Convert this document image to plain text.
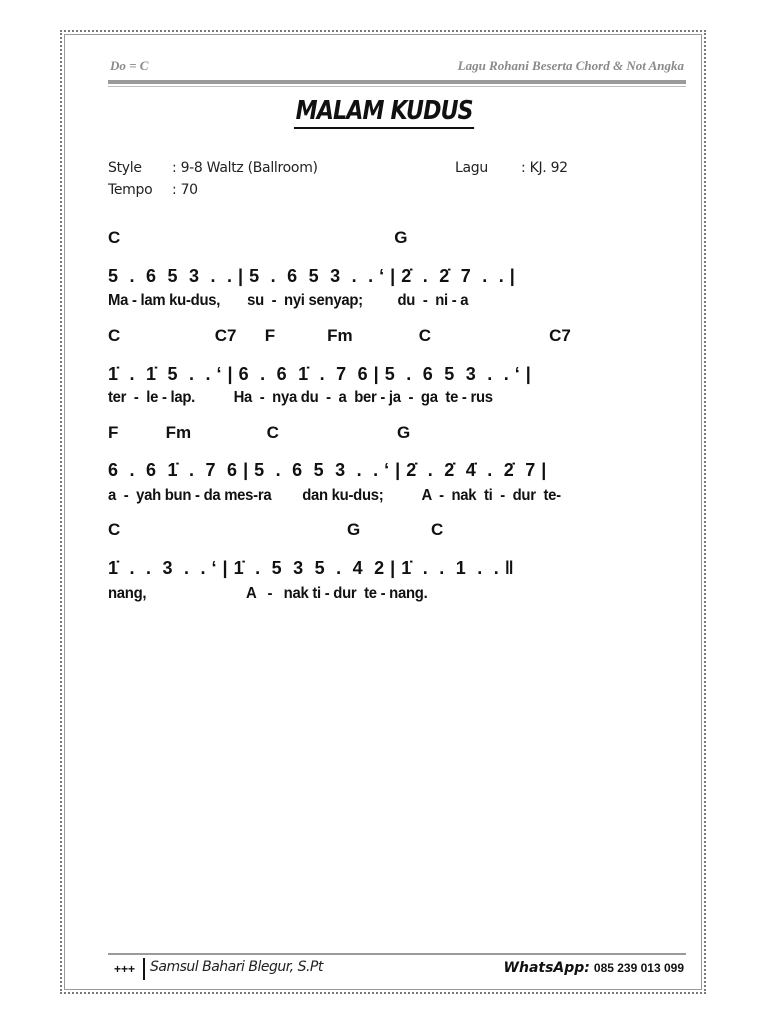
Do = C	Lagu Rohani Beserta Chord & Not Angka
MALAM KUDUS
Style : 9-8 Waltz (Ballroom)	Lagu : KJ. 92
Tempo : 70
C                                                          G
5  .  6  5  3  .  . | 5  .  6  5  3  .  . ‘ | 2̇  .  2̇  7  .  . |
Ma - lam ku-dus,       su  -  nyi senyap;         du  -  ni - a
C                    C7      F           Fm              C                         C7
1̇  .  1̇  5  .  . ‘ | 6  .  6  1̇  .  7  6 | 5  .  6  5  3  .  . ‘ |
ter  -  le - lap.          Ha  -  nya du  -  a  ber - ja  -  ga  te - rus
F          Fm                C                         G
6  .  6  1̇  .  7  6 | 5  .  6  5  3  .  . ‘ | 2̇  .  2̇  4̇  .  2̇  7 |
a  -  yah bun - da mes-ra        dan ku-dus;          A  -  nak  ti  -  dur  te-
C                                                G               C
1̇  .  .  3  .  . ‘ | 1̇  .  5  3  5  .  4  2 | 1̇  .  .  1  .  . ‖
nang,                          A   -   nak ti - dur  te - nang.
+++ Samsul Bahari Blegur, S.Pt	WhatsApp: 085 239 013 099
